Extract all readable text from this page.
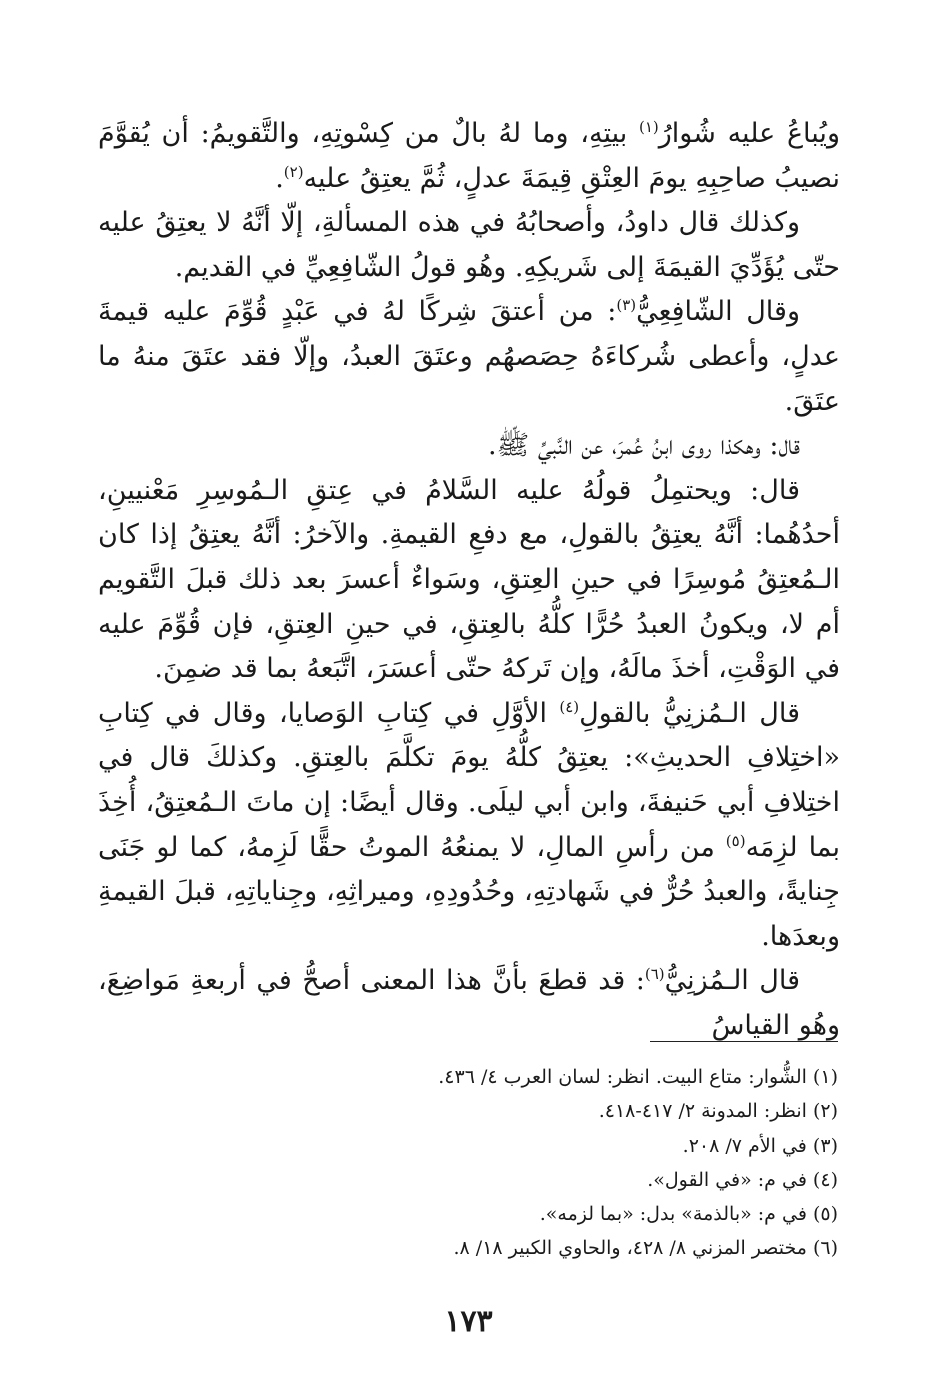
ويُباعُ عليه شُوارُ$^{(١)}$ بيتِهِ، وما لهُ بالٌ من كِسْوتِهِ، والتَّقويمُ: أن يُقوَّمَ نصيبُ صاحِبِهِ يومَ العِتْقِ قِيمَةَ عدلٍ، ثُمَّ يعتِقُ عليه$^{(٢)}$.

وكذلك قال داودُ، وأصحابُهُ في هذه المسألةِ، إلّا أنَّهُ لا يعتِقُ عليه حتّى يُؤَدِّيَ القيمَةَ إلى شَريكِهِ. وهُو قولُ الشّافِعِيِّ في القديم.

وقال الشّافِعِيُّ$^{(٣)}$: من أعتقَ شِركًا لهُ في عَبْدٍ قُوِّمَ عليه قيمةَ عدلٍ، وأعطى شُركاءَهُ حِصَصهُم وعتَقَ العبدُ، وإلّا فقد عتَقَ منهُ ما عتَقَ.

قال: وهكذا روى ابنُ عُمرَ، عن النَّبيِّ ﷺ.

قال: ويحتمِلُ قولُهُ عليه السَّلامُ في عِتقِ الـمُوسِرِ مَعْنيينِ، أحدُهُما: أنَّهُ يعتِقُ بالقولِ، مع دفعِ القيمةِ. والآخرُ: أنَّهُ يعتِقُ إذا كان الـمُعتِقُ مُوسِرًا في حينِ العِتقِ، وسَواءٌ أعسرَ بعد ذلك قبلَ التَّقويم أم لا، ويكونُ العبدُ حُرًّا كلُّهُ بالعِتقِ، في حينِ العِتقِ، فإن قُوِّمَ عليه في الوَقْتِ، أخذَ مالَهُ، وإن تَركهُ حتّى أعسَرَ، اتَّبَعهُ بما قد ضمِنَ.

قال الـمُزنِيُّ بالقولِ$^{(٤)}$ الأوَّلِ في كِتابِ الوَصايا، وقال في كِتابِ «اختِلافِ الحديثِ»: يعتِقُ كلُّهُ يومَ تكلَّمَ بالعِتقِ. وكذلكَ قال في اختِلافِ أبي حَنيفةَ، وابن أبي ليلَى. وقال أيضًا: إن ماتَ الـمُعتِقُ، أُخِذَ بما لزِمَه$^{(٥)}$ من رأسِ المالِ، لا يمنعُهُ الموتُ حقًّا لَزِمهُ، كما لو جَنَى جِنايةً، والعبدُ حُرٌّ في شَهادتِهِ، وحُدُودِهِ، وميراثِهِ، وجِناياتِهِ، قبلَ القيمةِ وبعدَها.

قال الـمُزنِيُّ$^{(٦)}$: قد قطعَ بأنَّ هذا المعنى أصحُّ في أربعةِ مَواضِعَ، وهُو القياسُ

(١) الشُّوار: متاع البيت. انظر: لسان العرب ٤/ ٤٣٦.
(٢) انظر: المدونة ٢/ ٤١٧-٤١٨.
(٣) في الأم ٧/ ٢٠٨.
(٤) في م: «في القول».
(٥) في م: «بالذمة» بدل: «بما لزمه».
(٦) مختصر المزني ٨/ ٤٢٨، والحاوي الكبير ١٨/ ٨.
١٧٣
